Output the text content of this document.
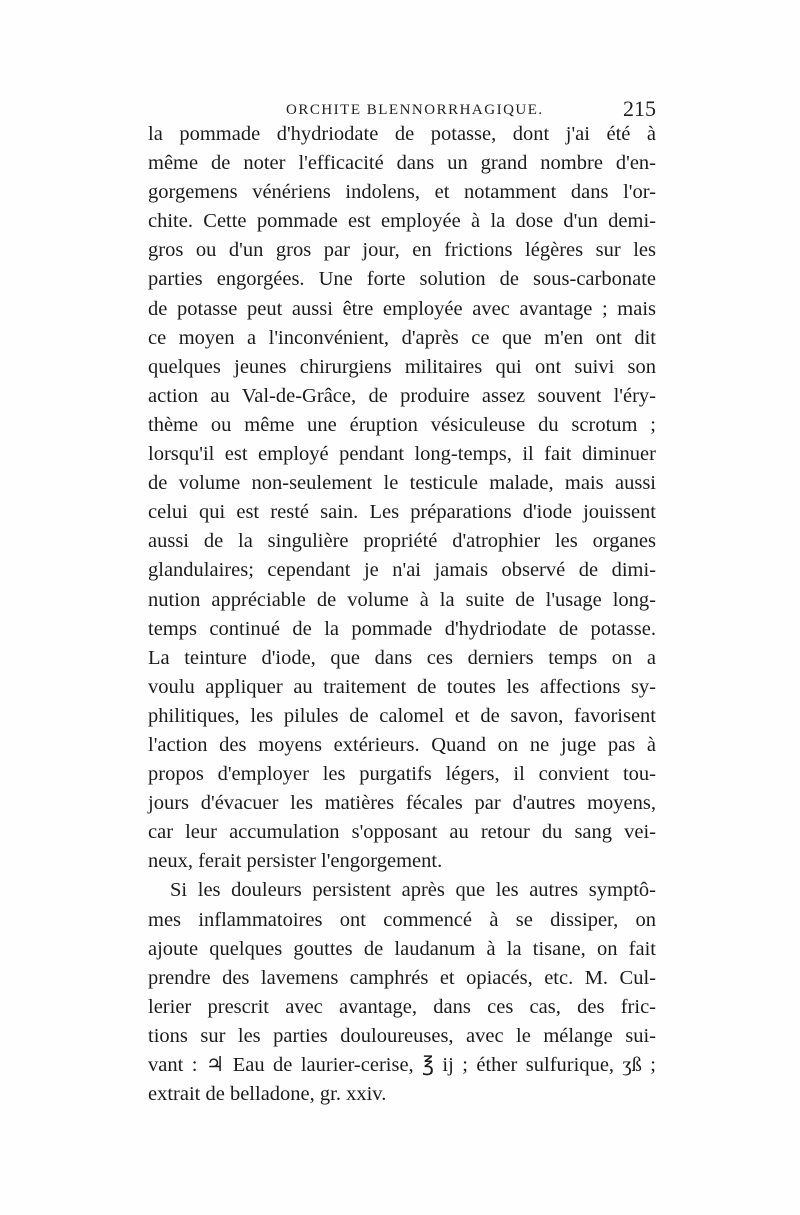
ORCHITE BLENNORRHAGIQUE.	215
la pommade d'hydriodate de potasse, dont j'ai été à
même de noter l'efficacité dans un grand nombre d'en-
gorgemens vénériens indolens, et notamment dans l'or-
chite. Cette pommade est employée à la dose d'un demi-
gros ou d'un gros par jour, en frictions légères sur les
parties engorgées. Une forte solution de sous-carbonate
de potasse peut aussi être employée avec avantage ; mais
ce moyen a l'inconvénient, d'après ce que m'en ont dit
quelques jeunes chirurgiens militaires qui ont suivi son
action au Val-de-Grâce, de produire assez souvent l'éry-
thème ou même une éruption vésiculeuse du scrotum ;
lorsqu'il est employé pendant long-temps, il fait diminuer
de volume non-seulement le testicule malade, mais aussi
celui qui est resté sain. Les préparations d'iode jouissent
aussi de la singulière propriété d'atrophier les organes
glandulaires; cependant je n'ai jamais observé de dimi-
nution appréciable de volume à la suite de l'usage long-
temps continué de la pommade d'hydriodate de potasse.
La teinture d'iode, que dans ces derniers temps on a
voulu appliquer au traitement de toutes les affections sy-
philitiques, les pilules de calomel et de savon, favorisent
l'action des moyens extérieurs. Quand on ne juge pas à
propos d'employer les purgatifs légers, il convient tou-
jours d'évacuer les matières fécales par d'autres moyens,
car leur accumulation s'opposant au retour du sang vei-
neux, ferait persister l'engorgement.
Si les douleurs persistent après que les autres symptô-
mes inflammatoires ont commencé à se dissiper, on
ajoute quelques gouttes de laudanum à la tisane, on fait
prendre des lavemens camphrés et opiacés, etc. M. Cul-
lerier prescrit avec avantage, dans ces cas, des fric-
tions sur les parties douloureuses, avec le mélange sui-
vant : ♃ Eau de laurier-cerise, ℥ ij ; éther sulfurique, ʒß ;
extrait de belladone, gr. xxiv.
